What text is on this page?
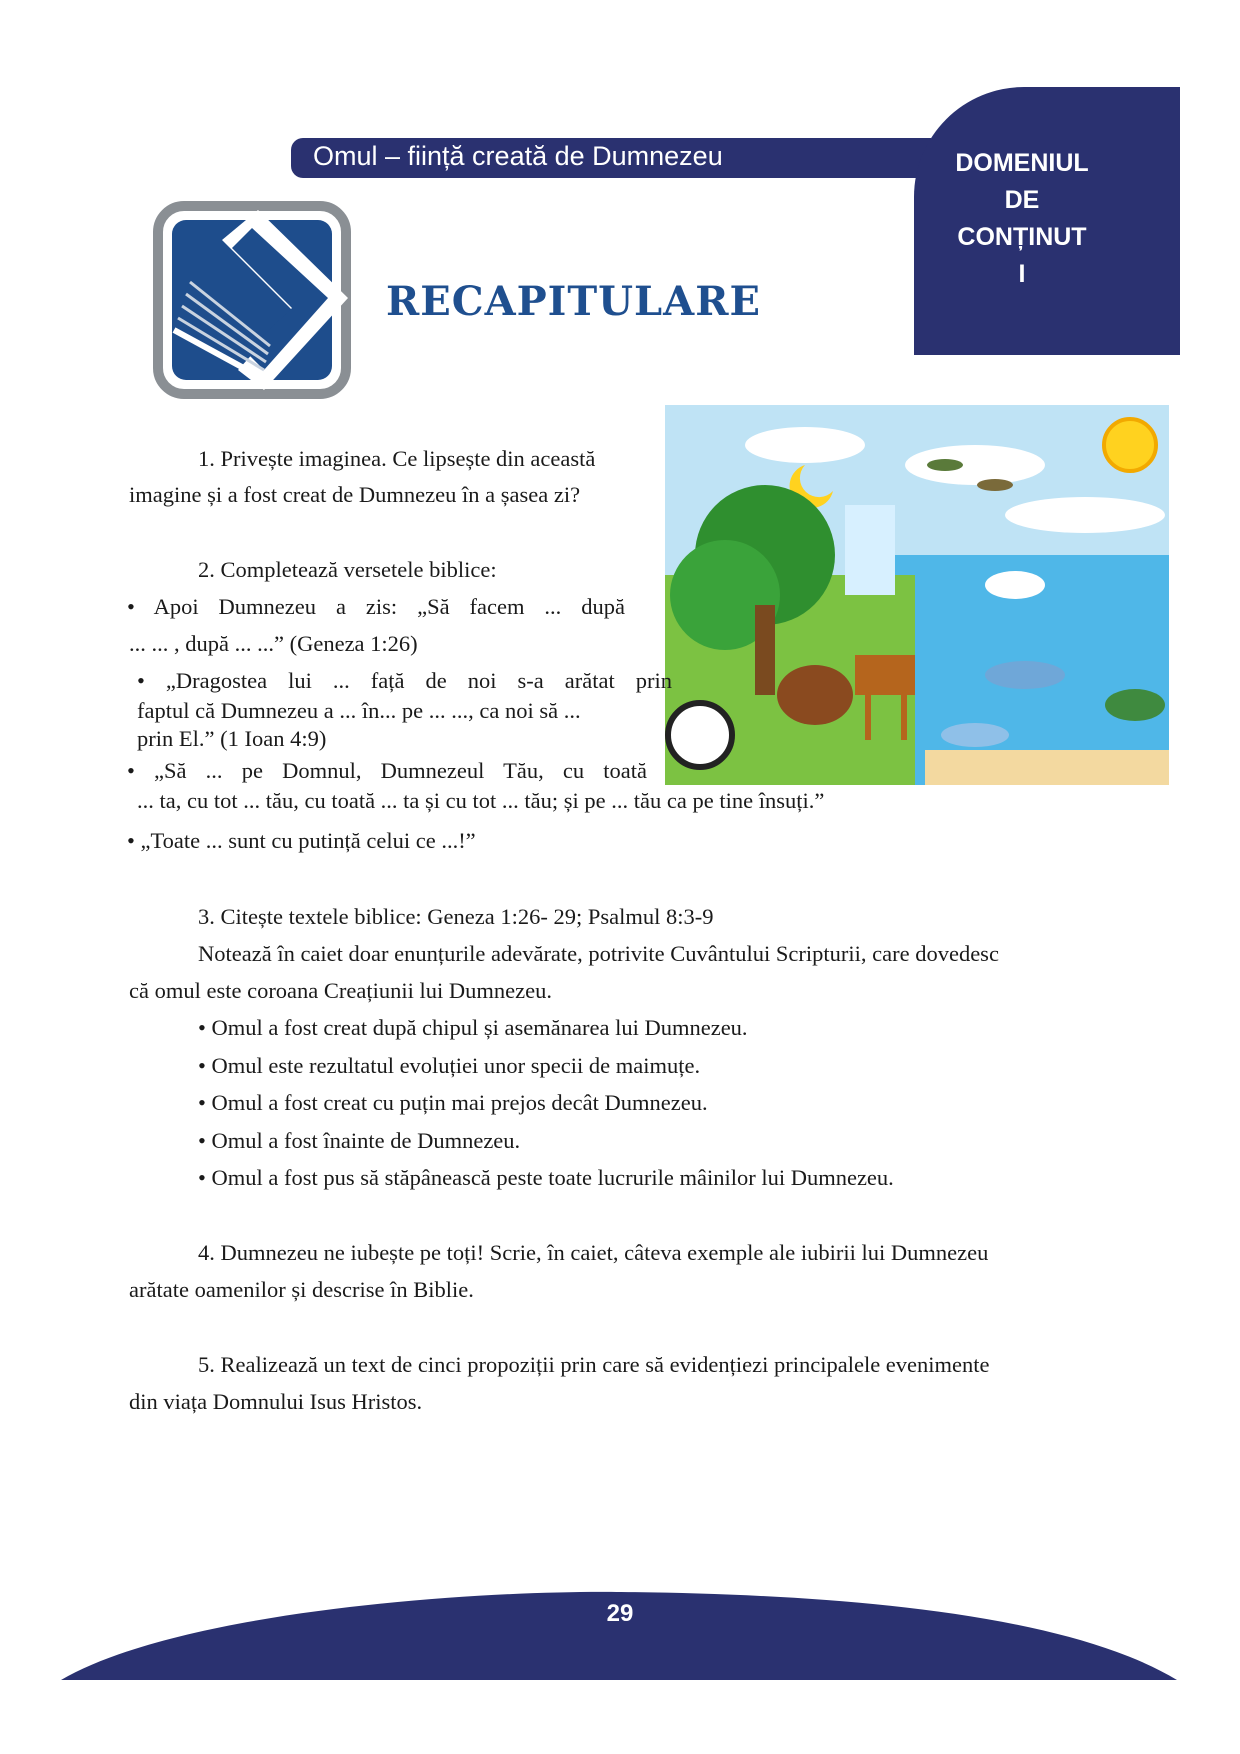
Omul – ființă creată de Dumnezeu	DOMENIUL
DE
CONȚINUT
I
RECAPITULARE
1. Privește imaginea. Ce lipsește din această
imagine și a fost creat de Dumnezeu în a șasea zi?
2. Completează versetele biblice:
• Apoi Dumnezeu a zis: „Să facem ... după
... ... , după ... ...” (Geneza 1:26)
• „Dragostea lui ... față de noi s-a arătat prin
faptul că Dumnezeu a ... în... pe ... ..., ca noi să ...
prin El.” (1 Ioan 4:9)
• „Să ... pe Domnul, Dumnezeul Tău, cu toată
... ta, cu tot ... tău, cu toată ... ta și cu tot ... tău; și pe ... tău ca pe tine însuți.”
• „Toate ... sunt cu putință celui ce ...!”
3. Citește textele biblice: Geneza 1:26- 29; Psalmul 8:3-9
Notează în caiet doar enunțurile adevărate, potrivite Cuvântului Scripturii, care dovedesc
că omul este coroana Creațiunii lui Dumnezeu.
• Omul a fost creat după chipul și asemănarea lui Dumnezeu.
• Omul este rezultatul evoluției unor specii de maimuțe.
• Omul a fost creat cu puțin mai prejos decât Dumnezeu.
• Omul a fost înainte de Dumnezeu.
• Omul a fost pus să stăpânească peste toate lucrurile mâinilor lui Dumnezeu.
4. Dumnezeu ne iubește pe toți! Scrie, în caiet, câteva exemple ale iubirii lui Dumnezeu
arătate oamenilor și descrise în Biblie.
5. Realizează un text de cinci propoziții prin care să evidențiezi principalele evenimente
din viața Domnului Isus Hristos.
29
